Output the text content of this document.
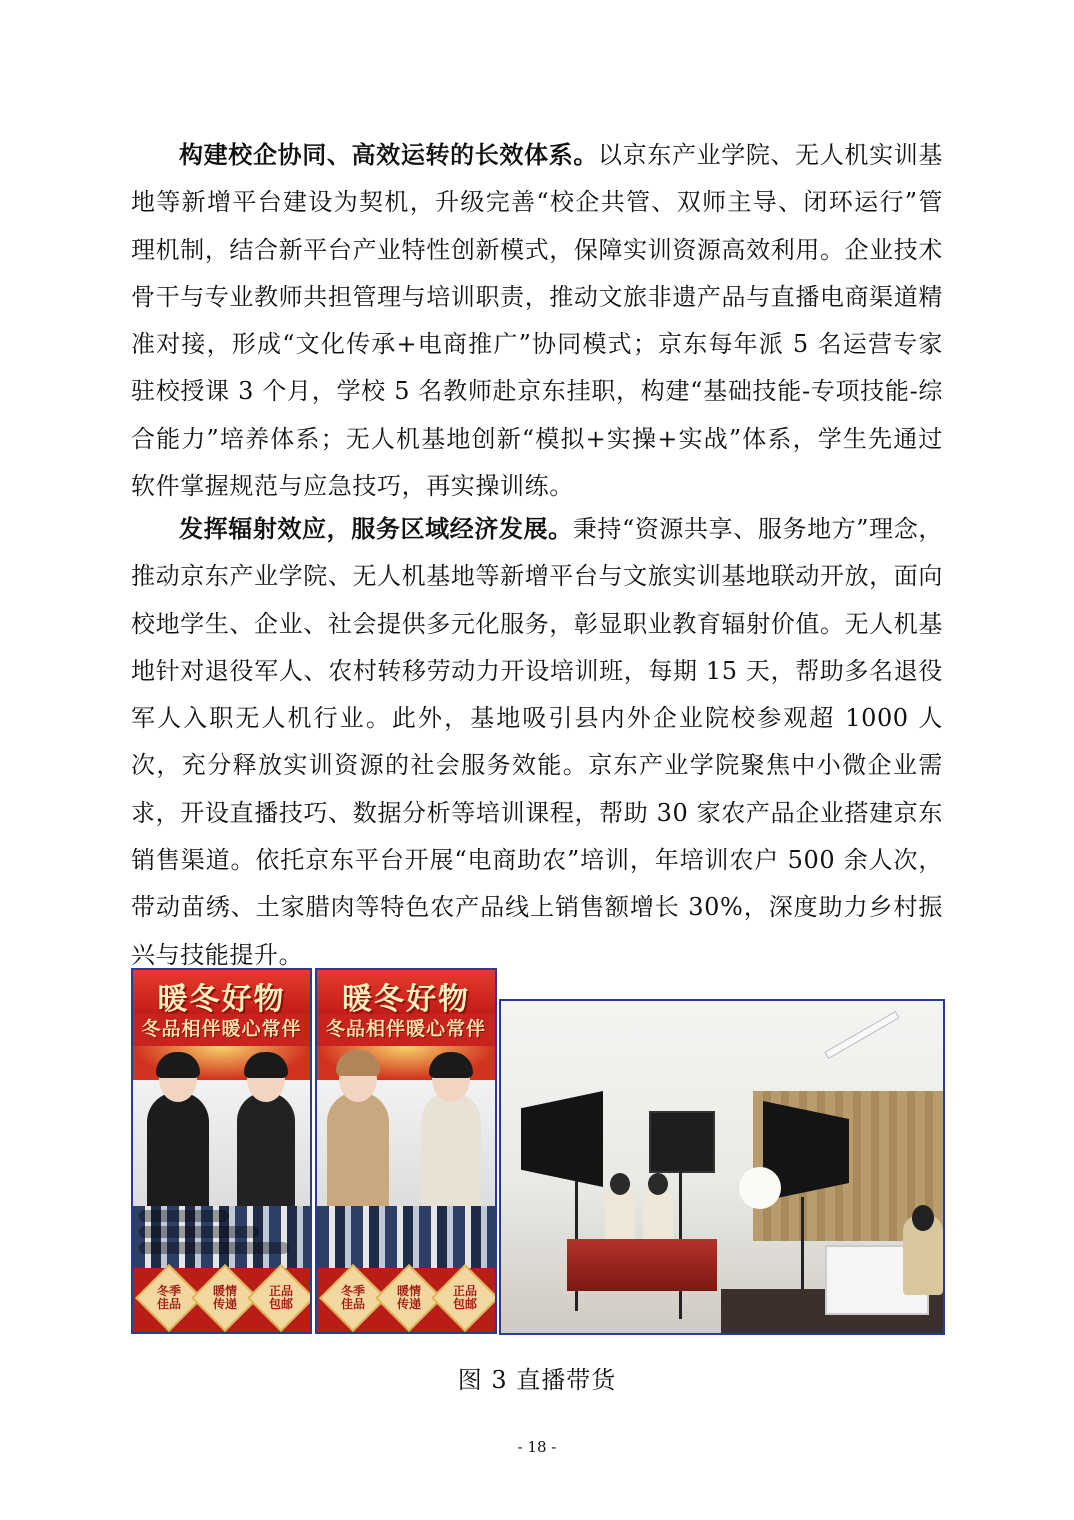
构建校企协同、高效运转的长效体系。以京东产业学院、无人机实训基地等新增平台建设为契机，升级完善“校企共管、双师主导、闭环运行”管理机制，结合新平台产业特性创新模式，保障实训资源高效利用。企业技术骨干与专业教师共担管理与培训职责，推动文旅非遗产品与直播电商渠道精准对接，形成“文化传承+电商推广”协同模式；京东每年派 5 名运营专家驻校授课 3 个月，学校 5 名教师赴京东挂职，构建“基础技能-专项技能-综合能力”培养体系；无人机基地创新“模拟+实操+实战”体系，学生先通过软件掌握规范与应急技巧，再实操训练。

发挥辐射效应，服务区域经济发展。秉持“资源共享、服务地方”理念，推动京东产业学院、无人机基地等新增平台与文旅实训基地联动开放，面向校地学生、企业、社会提供多元化服务，彰显职业教育辐射价值。无人机基地针对退役军人、农村转移劳动力开设培训班，每期 15 天，帮助多名退役军人入职无人机行业。此外，基地吸引县内外企业院校参观超 1000 人次，充分释放实训资源的社会服务效能。京东产业学院聚焦中小微企业需求，开设直播技巧、数据分析等培训课程，帮助 30 家农产品企业搭建京东销售渠道。依托京东平台开展“电商助农”培训，年培训农户 500 余人次，带动苗绣、土家腊肉等特色农产品线上销售额增长 30%，深度助力乡村振兴与技能提升。

暖冬好物
冬品相伴暖心常伴
冬季佳品
暖情传递
正品包邮
暖冬好物
冬品相伴暖心常伴
冬季佳品
暖情传递
正品包邮
图 3 直播带货
- 18 -
